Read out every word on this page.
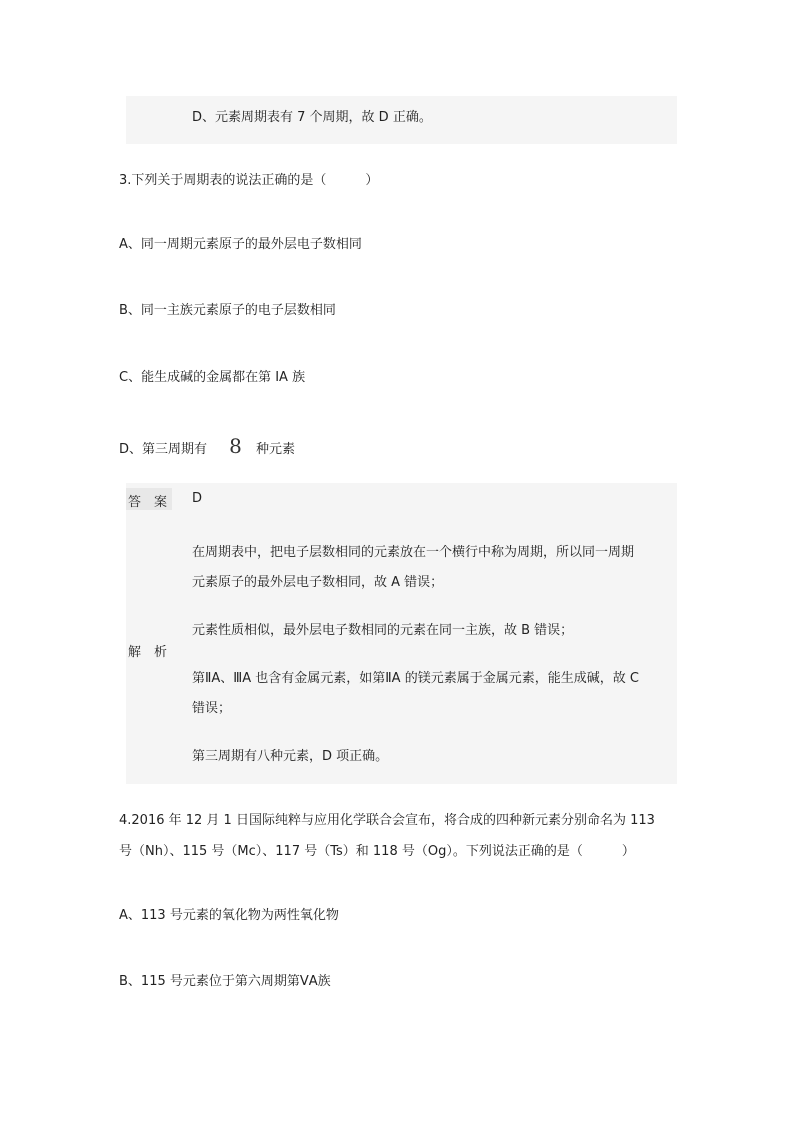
D、元素周期表有 7 个周期，故 D 正确。
3.下列关于周期表的说法正确的是（　　　）
A、同一周期元素原子的最外层电子数相同
B、同一主族元素原子的电子层数相同
C、能生成碱的金属都在第 IA 族
D、第三周期有 8 种元素
答　案 D
解　析
在周期表中，把电子层数相同的元素放在一个横行中称为周期，所以同一周期
元素原子的最外层电子数相同，故 A 错误；
元素性质相似，最外层电子数相同的元素在同一主族，故 B 错误；
第ⅡA、ⅢA 也含有金属元素，如第ⅡA 的镁元素属于金属元素，能生成碱，故 C
错误；
第三周期有八种元素，D 项正确。
4.2016 年 12 月 1 日国际纯粹与应用化学联合会宣布，将合成的四种新元素分别命名为 113
号（Nh）、115 号（Mc）、117 号（Ts）和 118 号（Og）。下列说法正确的是（　　　）
A、113 号元素的氧化物为两性氧化物
B、115 号元素位于第六周期第ⅤA族
